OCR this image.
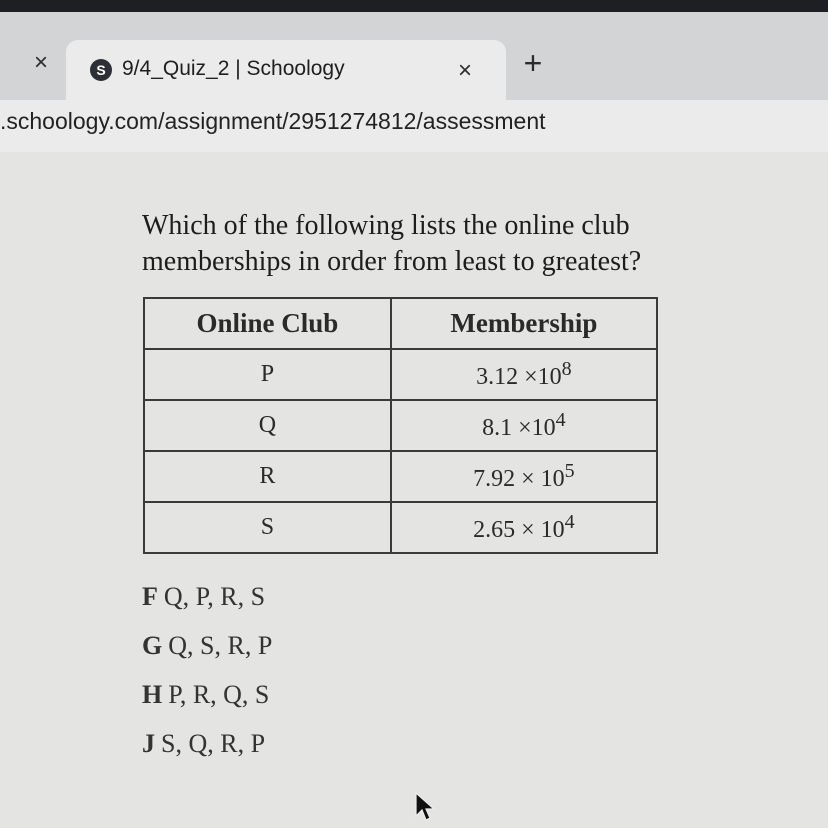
×	S 9/4_Quiz_2 | Schoology	× +
.schoology.com/assignment/2951274812/assessment
Which of the following lists the online club memberships in order from least to greatest?
Online Club	Membership
P	$3.12 \times 10^8$
Q	$8.1 \times 10^4$
R	$7.92 \times 10^5$
S	$2.65 \times 10^4$
F Q, P, R, S
G Q, S, R, P
H P, R, Q, S
J S, Q, R, P
